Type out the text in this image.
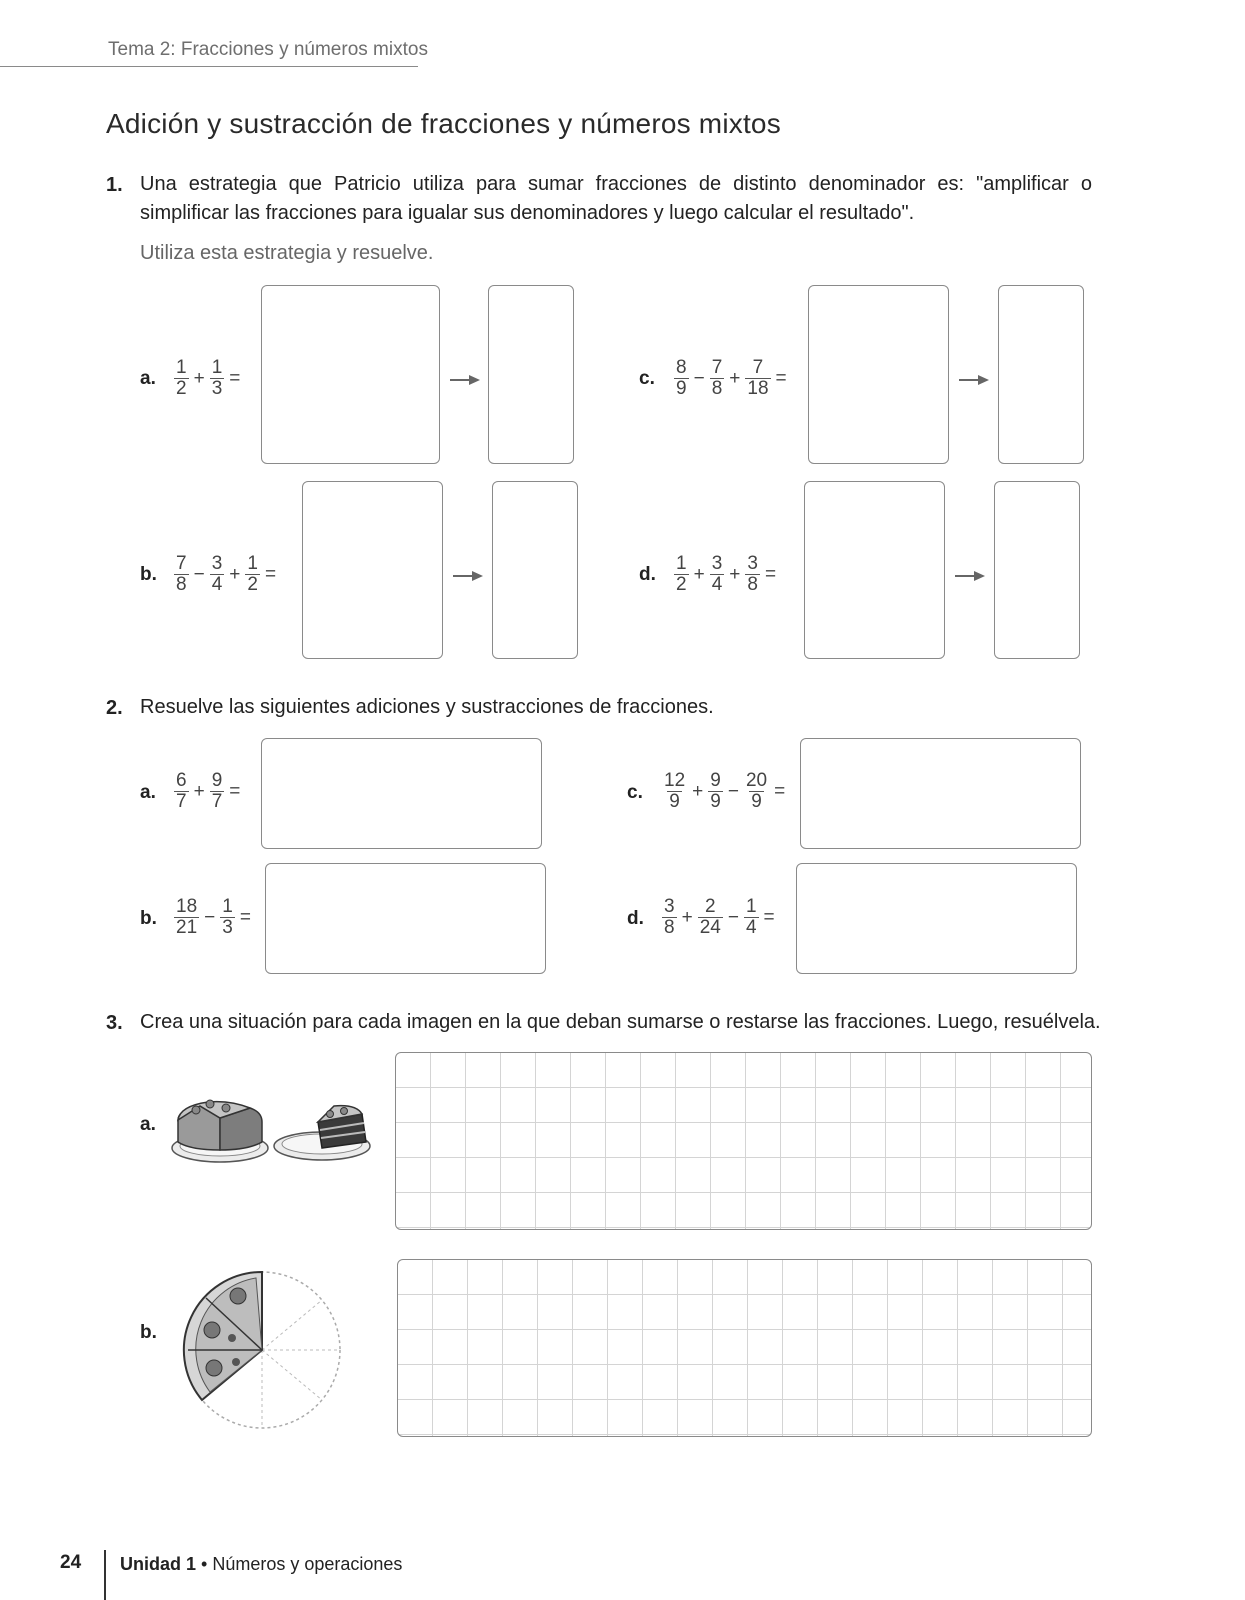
Tema 2: Fracciones y números mixtos
Adición y sustracción de fracciones y números mixtos
1. Una estrategia que Patricio utiliza para sumar fracciones de distinto denominador es: "amplificar o simplificar las fracciones para igualar sus denominadores y luego calcular el resultado".
Utiliza esta estrategia y resuelve.
a. $\frac{1}{2} + \frac{1}{3}$ =	c. $\frac{8}{9} - \frac{7}{8} + \frac{7}{18}$ =
b. $\frac{7}{8} - \frac{3}{4} + \frac{1}{2}$ =	d. $\frac{1}{2} + \frac{3}{4} + \frac{3}{8}$ =
2. Resuelve las siguientes adiciones y sustracciones de fracciones.
a. $\frac{6}{7} + \frac{9}{7}$ =	c. $\frac{12}{9} + \frac{9}{9} - \frac{20}{9}$ =
b. $\frac{18}{21} - \frac{1}{3}$ =	d. $\frac{3}{8} + \frac{2}{24} - \frac{1}{4}$ =
3. Crea una situación para cada imagen en la que deban sumarse o restarse las fracciones. Luego, resuélvela.
a.
b.
24 Unidad 1 • Números y operaciones
